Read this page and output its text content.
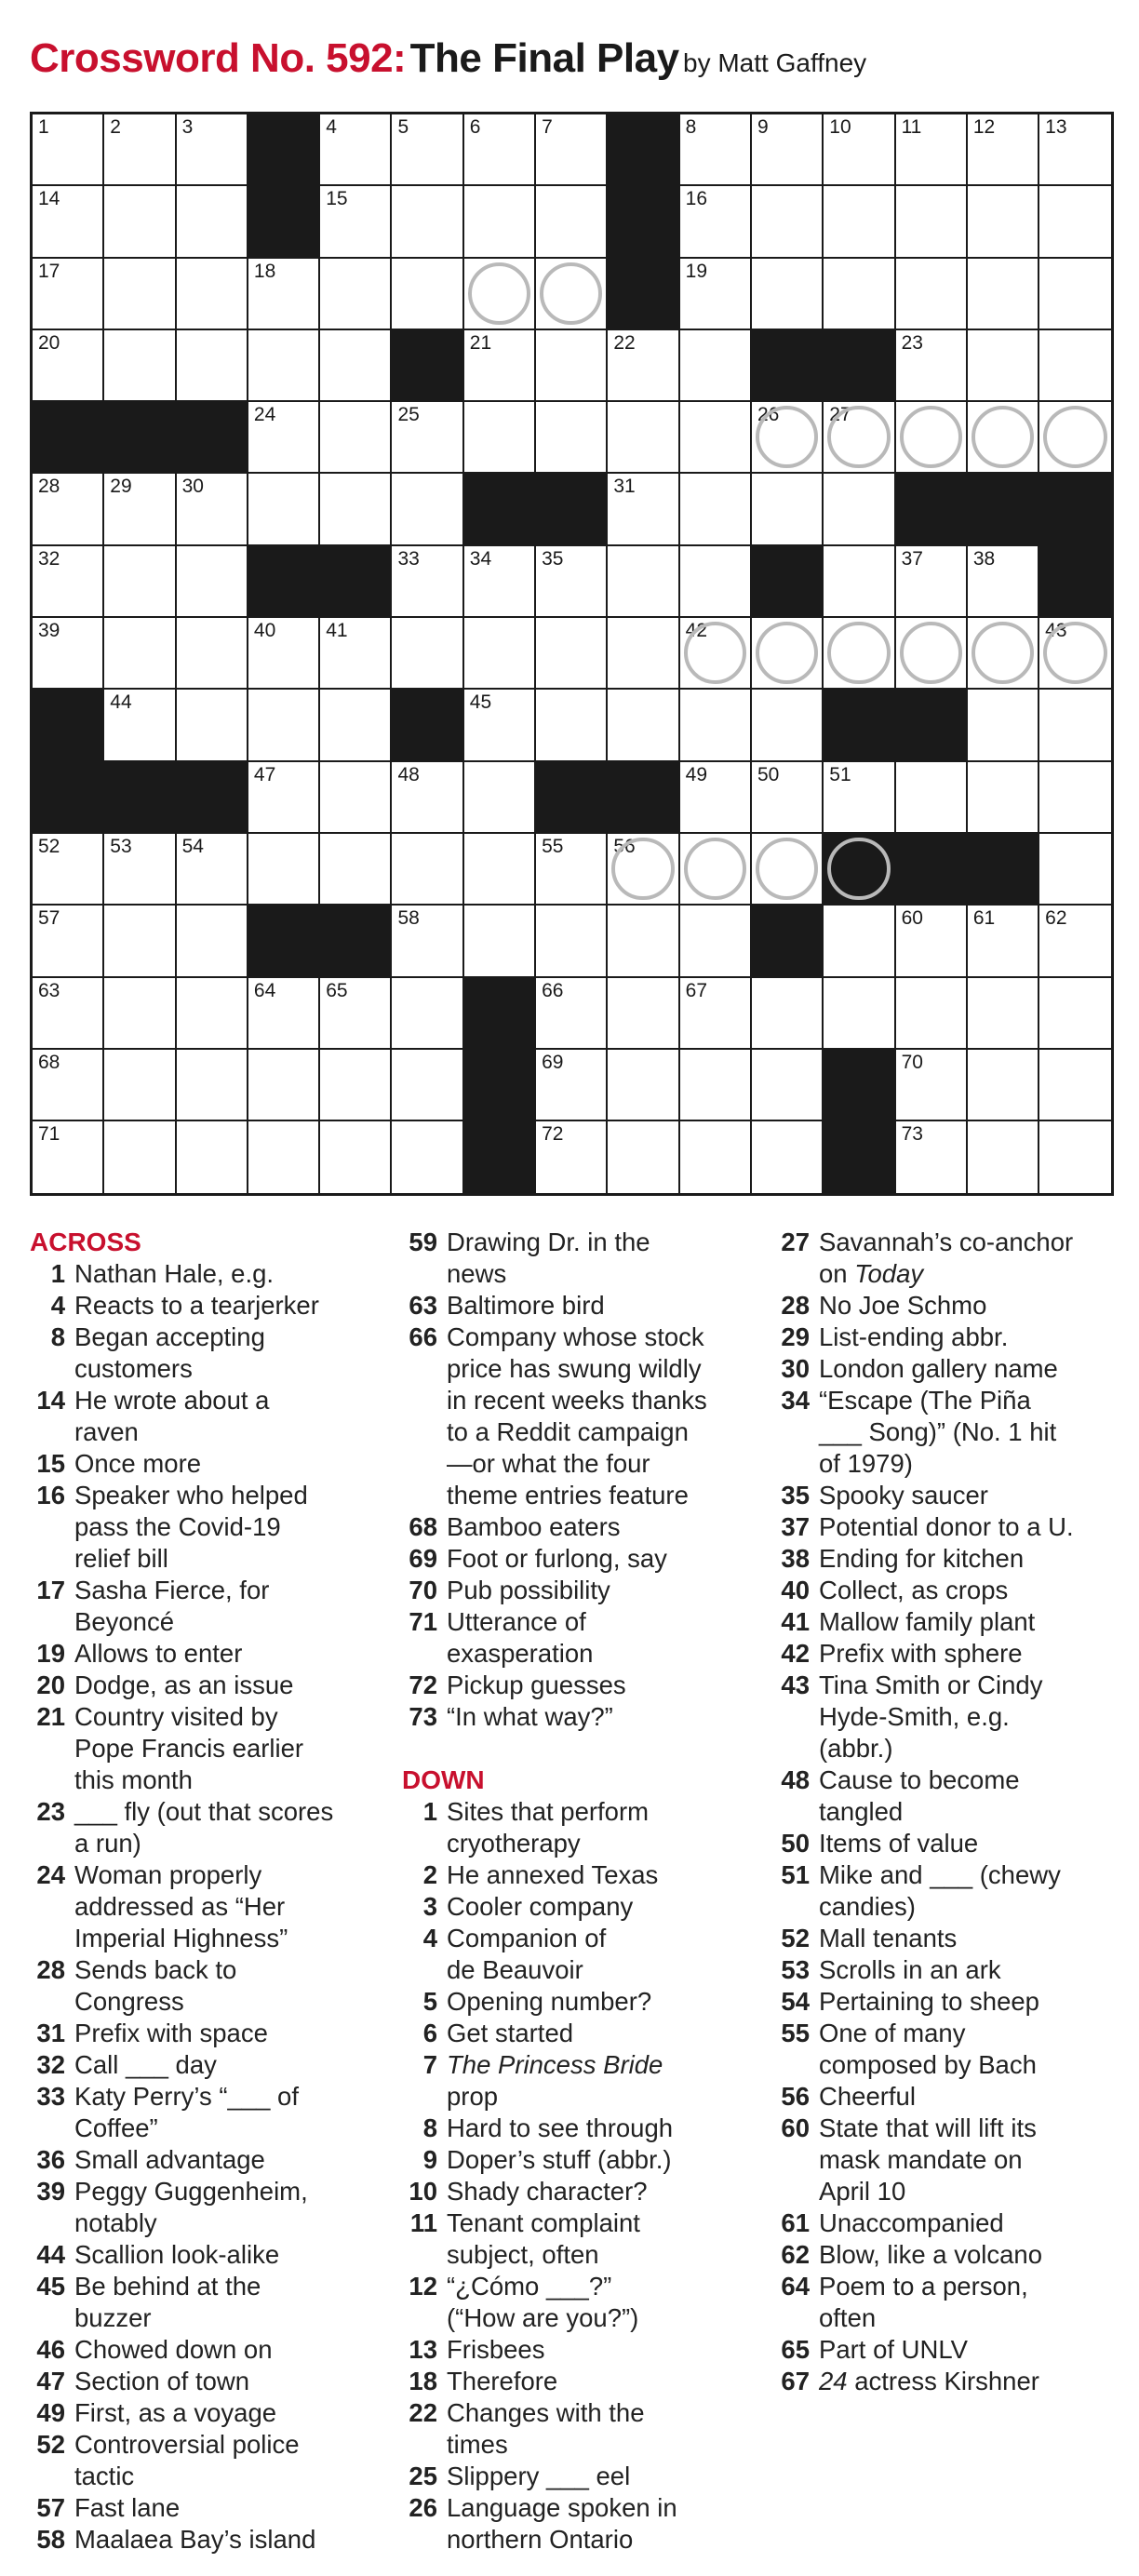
Crossword No. 592: The Final Play by Matt Gaffney
1	2	3	4	5	6	7	8	9	10	11	12	13
14	15	16
17	18	19
20	21	22	23
24	25	26	27
28	29	30	31
32	33	34	35	37	38
39	40	41	42	43
44	45
47	48	49	50	51
52	53	54	55	56
57	58	60	61	62
63	64	65	66	67
68	69	70
71	72	73
ACROSS
1 Nathan Hale, e.g.
4 Reacts to a tearjerker
8 Began accepting
customers
14 He wrote about a
raven
15 Once more
16 Speaker who helped
pass the Covid-19
relief bill
17 Sasha Fierce, for
Beyoncé
19 Allows to enter
20 Dodge, as an issue
21 Country visited by
Pope Francis earlier
this month
23 ___ fly (out that scores
a run)
24 Woman properly
addressed as “Her
Imperial Highness”
28 Sends back to
Congress
31 Prefix with space
32 Call ___ day
33 Katy Perry’s “___ of
Coffee”
36 Small advantage
39 Peggy Guggenheim,
notably
44 Scallion look-alike
45 Be behind at the
buzzer
46 Chowed down on
47 Section of town
49 First, as a voyage
52 Controversial police
tactic
57 Fast lane
58 Maalaea Bay’s island
59 Drawing Dr. in the
news
63 Baltimore bird
66 Company whose stock
price has swung wildly
in recent weeks thanks
to a Reddit campaign
—or what the four
theme entries feature
68 Bamboo eaters
69 Foot or furlong, say
70 Pub possibility
71 Utterance of
exasperation
72 Pickup guesses
73 “In what way?”
DOWN
1 Sites that perform
cryotherapy
2 He annexed Texas
3 Cooler company
4 Companion of
de Beauvoir
5 Opening number?
6 Get started
7 The Princess Bride
prop
8 Hard to see through
9 Doper’s stuff (abbr.)
10 Shady character?
11 Tenant complaint
subject, often
12 “¿Cómo ___?”
(“How are you?”)
13 Frisbees
18 Therefore
22 Changes with the
times
25 Slippery ___ eel
26 Language spoken in
northern Ontario
27 Savannah’s co-anchor
on Today
28 No Joe Schmo
29 List-ending abbr.
30 London gallery name
34 “Escape (The Piña
___ Song)” (No. 1 hit
of 1979)
35 Spooky saucer
37 Potential donor to a U.
38 Ending for kitchen
40 Collect, as crops
41 Mallow family plant
42 Prefix with sphere
43 Tina Smith or Cindy
Hyde-Smith, e.g.
(abbr.)
48 Cause to become
tangled
50 Items of value
51 Mike and ___ (chewy
candies)
52 Mall tenants
53 Scrolls in an ark
54 Pertaining to sheep
55 One of many
composed by Bach
56 Cheerful
60 State that will lift its
mask mandate on
April 10
61 Unaccompanied
62 Blow, like a volcano
64 Poem to a person,
often
65 Part of UNLV
67 24 actress Kirshner
